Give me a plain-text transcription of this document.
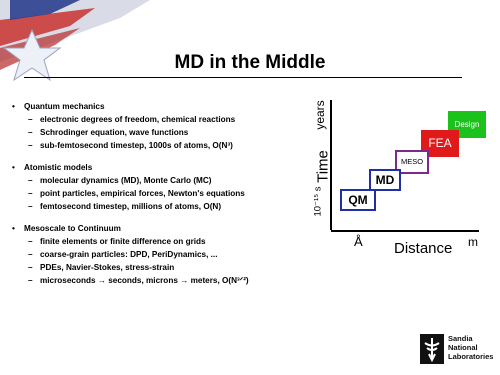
MD in the Middle
• Quantum mechanics
– electronic degrees of freedom, chemical reactions
– Schrodinger equation, wave functions
– sub-femtosecond timestep, 1000s of atoms, O(N³)
• Atomistic models
– molecular dynamics (MD), Monte Carlo (MC)
– point particles, empirical forces, Newton's equations
– femtosecond timestep, millions of atoms, O(N)
• Mesoscale to Continuum
– finite elements or finite difference on grids
– coarse-grain particles: DPD, PeriDynamics, ...
– PDEs, Navier-Stokes, stress-strain
– microseconds → seconds, microns → meters, O(N³ᐟ²)
Time
years
10⁻¹⁵ s
Å Distance m
Design
FEA
MESO
MD
QM
Sandia
National
Laboratories
